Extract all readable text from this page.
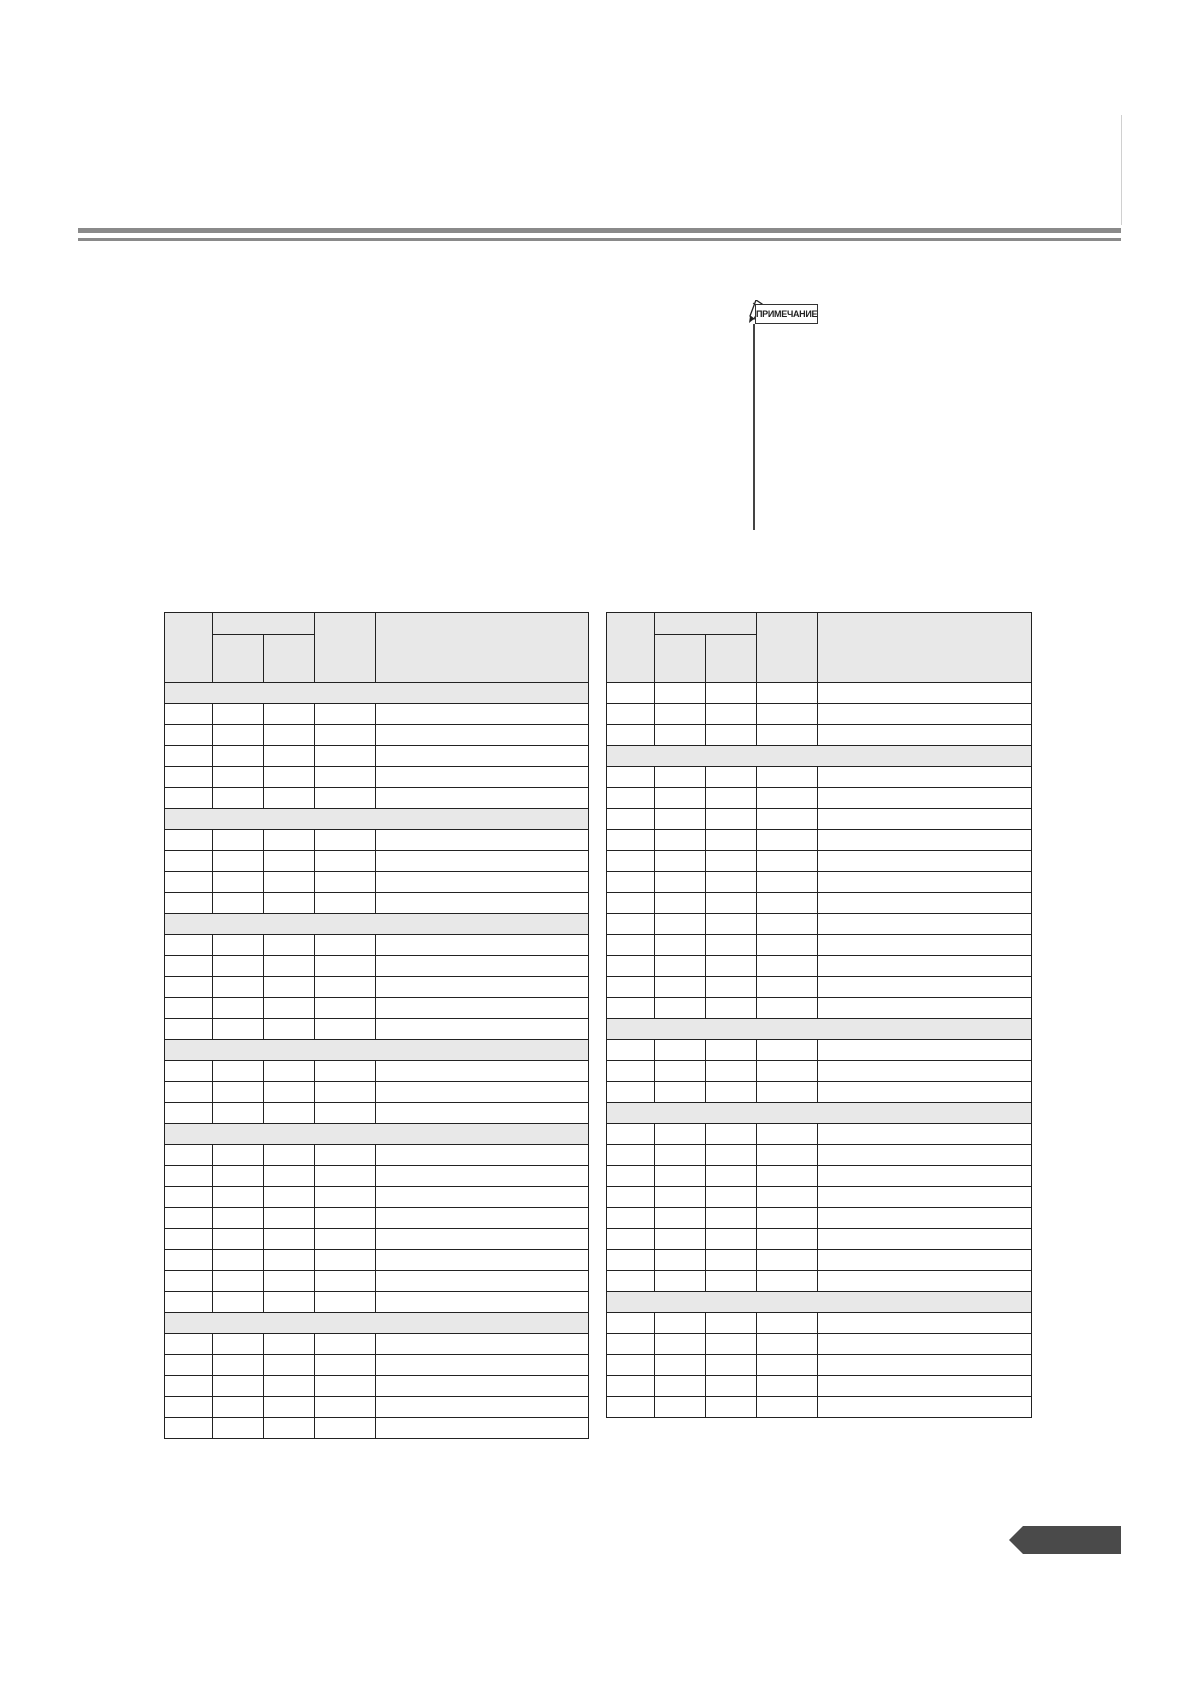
ПРИМЕЧАНИЕ
